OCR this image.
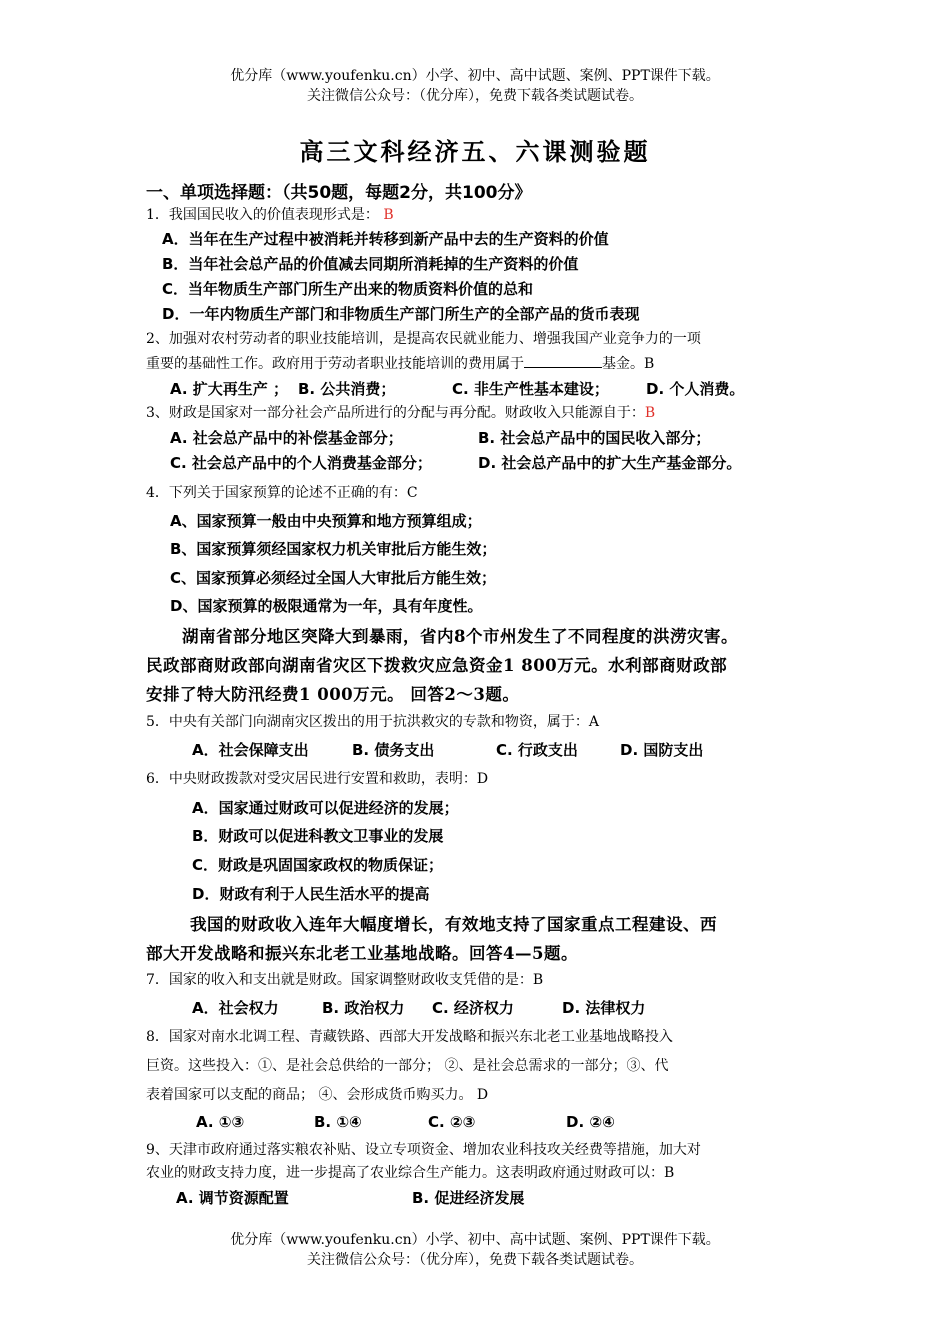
优分库（www.youfenku.cn）小学、初中、高中试题、案例、PPT课件下载。
关注微信公众号：（优分库），免费下载各类试题试卷。
高三文科经济五、六课测验题
一、单项选择题：（共50题，每题2分，共100分》
1．我国国民收入的价值表现形式是： B
A．当年在生产过程中被消耗并转移到新产品中去的生产资料的价值
B．当年社会总产品的价值减去同期所消耗掉的生产资料的价值
C．当年物质生产部门所生产出来的物质资料价值的总和
D．一年内物质生产部门和非物质生产部门所生产的全部产品的货币表现
2、加强对农村劳动者的职业技能培训，是提高农民就业能力、增强我国产业竞争力的一项
重要的基础性工作。政府用于劳动者职业技能培训的费用属于	基金。B
A. 扩大再生产 ； B. 公共消费；	C. 非生产性基本建设； D. 个人消费。
3、财政是国家对一部分社会产品所进行的分配与再分配。财政收入只能源自于：B
A. 社会总产品中的补偿基金部分；	B. 社会总产品中的国民收入部分；
C. 社会总产品中的个人消费基金部分；	D. 社会总产品中的扩大生产基金部分。
4．下列关于国家预算的论述不正确的有：C
A、国家预算一般由中央预算和地方预算组成；
B、国家预算须经国家权力机关审批后方能生效；
C、国家预算必须经过全国人大审批后方能生效；
D、国家预算的极限通常为一年，具有年度性。
湖南省部分地区突降大到暴雨，省内8个市州发生了不同程度的洪涝灾害。
民政部商财政部向湖南省灾区下拨救灾应急资金1 800万元。水利部商财政部
安排了特大防汛经费1 000万元。 回答2～3题。
5．中央有关部门向湖南灾区拨出的用于抗洪救灾的专款和物资，属于：A
A．社会保障支出	B. 债务支出	C. 行政支出	D. 国防支出
6．中央财政拨款对受灾居民进行安置和救助，表明：D
A．国家通过财政可以促进经济的发展；
B．财政可以促进科教文卫事业的发展
C．财政是巩固国家政权的物质保证；
D．财政有利于人民生活水平的提高
我国的财政收入连年大幅度增长，有效地支持了国家重点工程建设、西
部大开发战略和振兴东北老工业基地战略。回答4—5题。
7．国家的收入和支出就是财政。国家调整财政收支凭借的是：B
A．社会权力	B. 政治权力 C. 经济权力	D. 法律权力
8．国家对南水北调工程、青藏铁路、西部大开发战略和振兴东北老工业基地战略投入
巨资。这些投入：①、是社会总供给的一部分； ②、是社会总需求的一部分；③、代
表着国家可以支配的商品； ④、会形成货币购买力。 D
A. ①③	B. ①④	C. ②③	D. ②④
9、天津市政府通过落实粮农补贴、设立专项资金、增加农业科技攻关经费等措施，加大对
农业的财政支持力度，进一步提高了农业综合生产能力。这表明政府通过财政可以：B
A. 调节资源配置	B. 促进经济发展
优分库（www.youfenku.cn）小学、初中、高中试题、案例、PPT课件下载。
关注微信公众号：（优分库），免费下载各类试题试卷。
